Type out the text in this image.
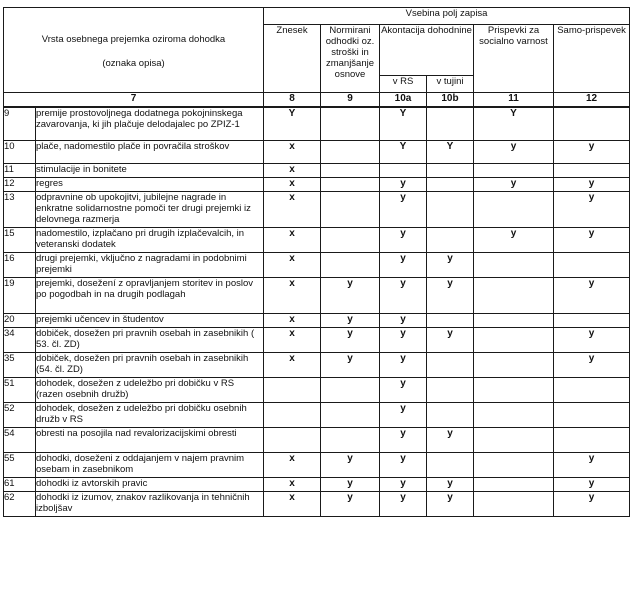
Vrsta osebnega prejemka oziroma dohodka
(oznaka opisa)		Vsebina polj zapisa					
		Znesek	Normirani odhodki oz. stroški in zmanjšanje osnove	Akontacija dohodnine		Prispevki za socialno varnost	Samo-prispevek
				v RS	v tujini		
7		8	9	10a	10b	11	12
9	premije prostovoljnega dodatnega pokojninskega zavarovanja, ki jih plačuje delodajalec po ZPIZ-1	Y		Y		Y	
10	plače, nadomestilo plače in povračila stroškov	x		Y	Y	y	y
11	stimulacije in bonitete	x					
12	regres	x		y		y	y
13	odpravnine ob upokojitvi, jubilejne nagrade in enkratne solidarnostne pomoči ter drugi prejemki iz delovnega razmerja	x		y			y
15	nadomestilo, izplačano pri drugih izplačevalcih, in veteranski dodatek	x		y		y	y
16	drugi prejemki, vključno z nagradami in podobnimi prejemki	x		y	y		
19	prejemki, dosežení z opravljanjem storitev in poslov po pogodbah in na drugih podlagah	x	y	y	y		y
20	prejemki učencev in študentov	x	y	y			
34	dobiček, dosežen pri pravnih osebah in zasebnikih ( 53. čl. ZD)	x	y	y	y		y
35	dobiček, dosežen pri pravnih osebah in zasebnikih (54. čl. ZD)	x	y	y			y
51	dohodek, dosežen z udeležbo pri dobičku v RS (razen osebnih družb)			y			
52	dohodek, dosežen z udeležbo pri dobičku osebnih družb v RS			y			
54	obresti na posojila nad revalorizacijskimi obresti			y	y		
55	dohodki, doseženi z oddajanjem v najem pravnim osebam in zasebnikom	x	y	y			y
61	dohodki iz avtorskih pravic	x	y	y	y		y
62	dohodki iz izumov, znakov razlikovanja in tehničnih izboljšav	x	y	y	y		y
